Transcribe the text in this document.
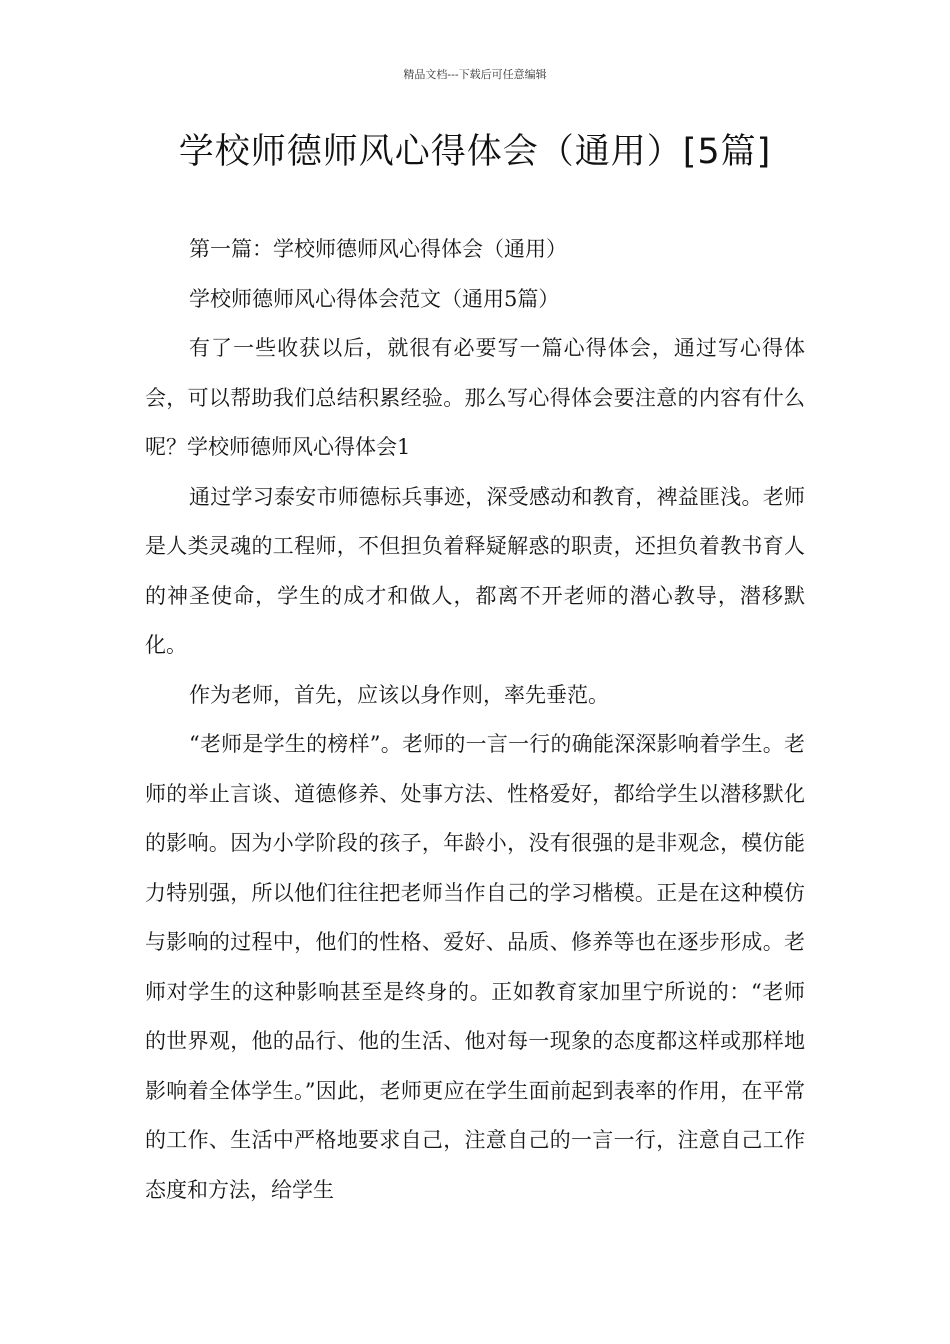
精品文档---下载后可任意编辑
学校师德师风心得体会（通用）[5篇]

第一篇：学校师德师风心得体会（通用）

学校师德师风心得体会范文（通用5篇）

有了一些收获以后，就很有必要写一篇心得体会，通过写心得体会，可以帮助我们总结积累经验。那么写心得体会要注意的内容有什么呢？学校师德师风心得体会1

通过学习泰安市师德标兵事迹，深受感动和教育，裨益匪浅。老师是人类灵魂的工程师，不但担负着释疑解惑的职责，还担负着教书育人的神圣使命，学生的成才和做人，都离不开老师的潜心教导，潜移默化。

作为老师，首先，应该以身作则，率先垂范。

“老师是学生的榜样”。老师的一言一行的确能深深影响着学生。老师的举止言谈、道德修养、处事方法、性格爱好，都给学生以潜移默化的影响。因为小学阶段的孩子，年龄小，没有很强的是非观念，模仿能力特别强，所以他们往往把老师当作自己的学习楷模。正是在这种模仿与影响的过程中，他们的性格、爱好、品质、修养等也在逐步形成。老师对学生的这种影响甚至是终身的。正如教育家加里宁所说的：“老师的世界观，他的品行、他的生活、他对每一现象的态度都这样或那样地影响着全体学生。”因此，老师更应在学生面前起到表率的作用，在平常的工作、生活中严格地要求自己，注意自己的一言一行，注意自己工作态度和方法，给学生
